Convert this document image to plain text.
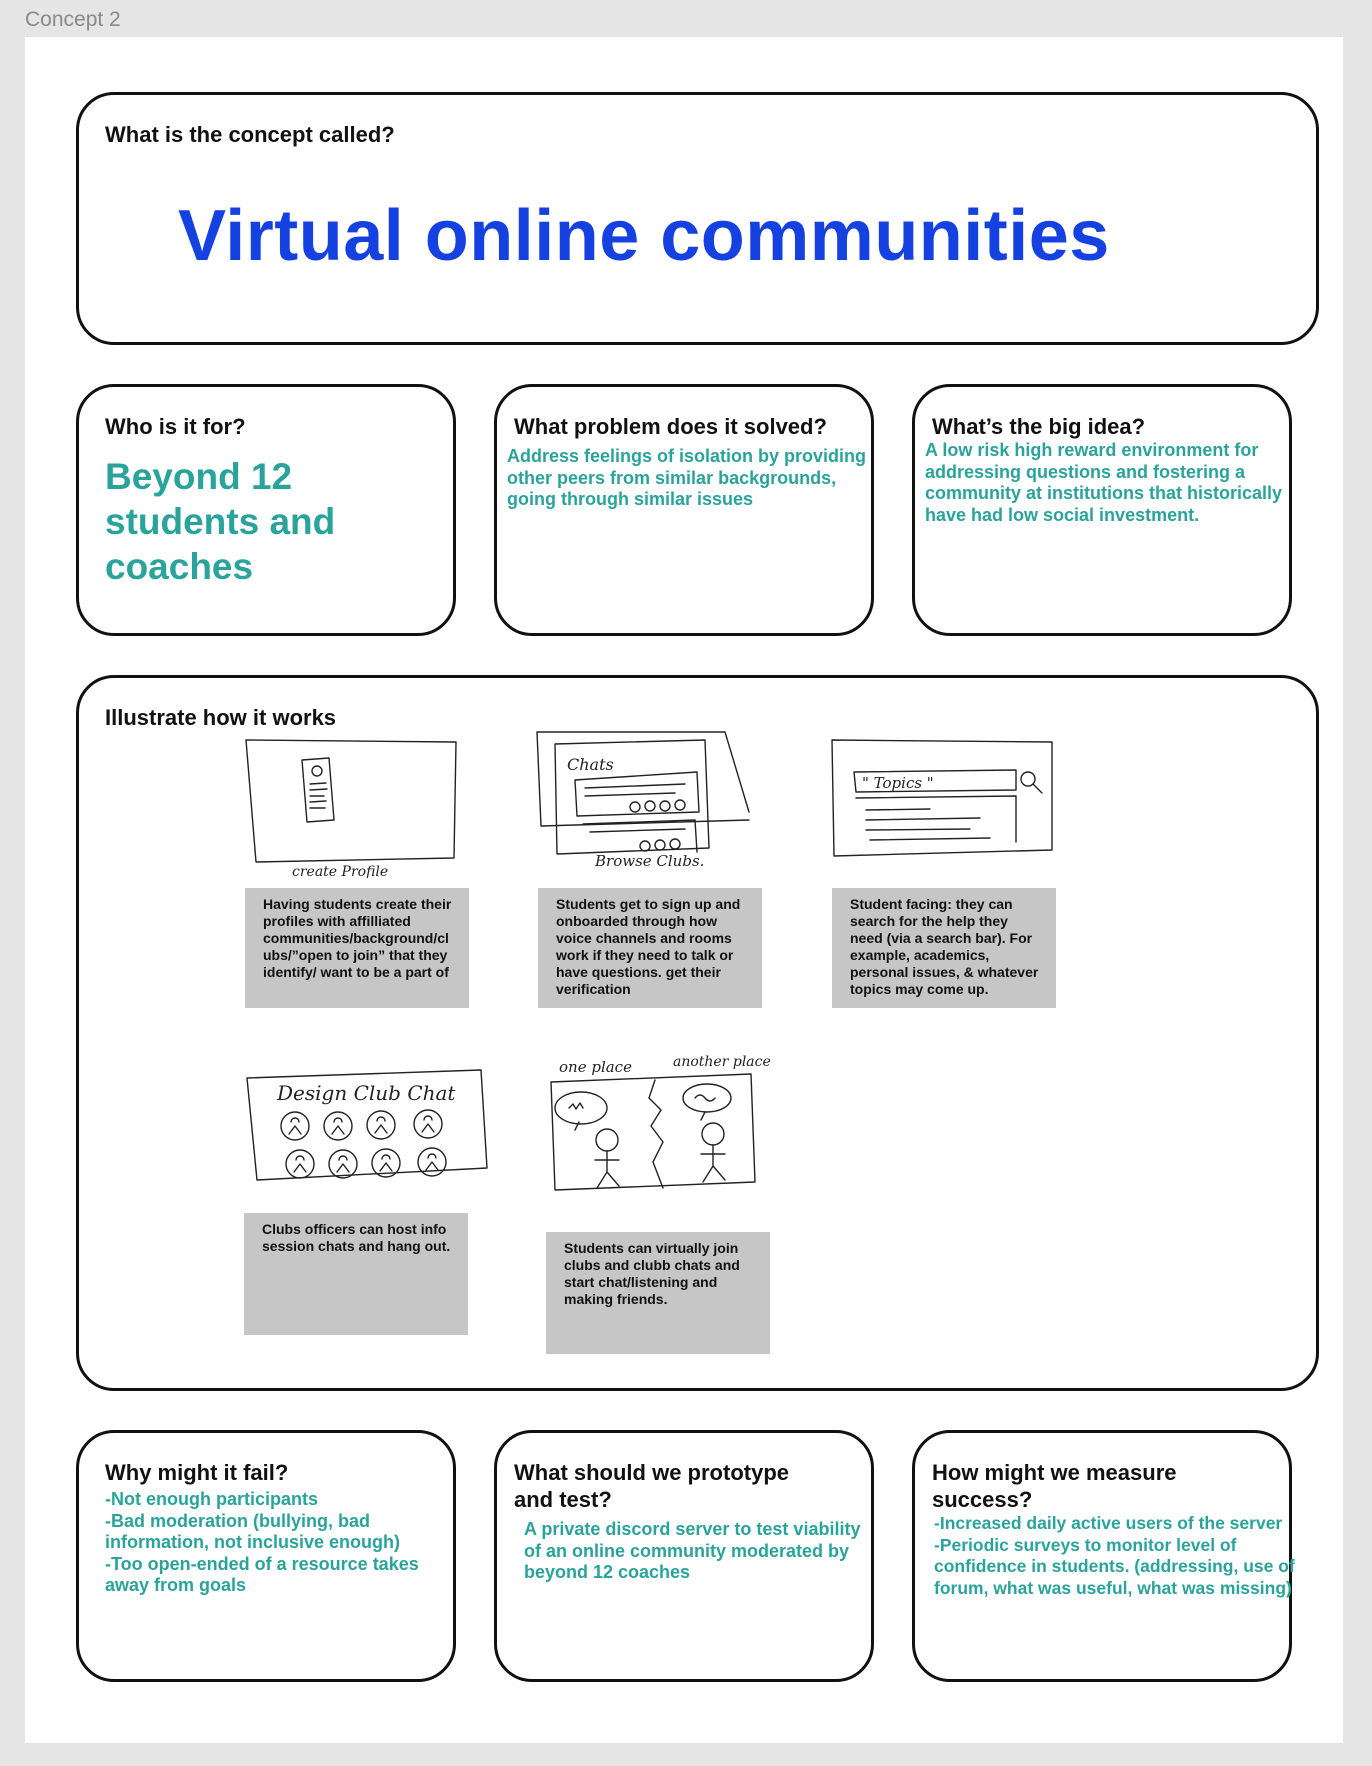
Concept 2

What is the concept called?

Virtual online communities

Who is it for?

Beyond 12
students and
coaches

What problem does it solved?

Address feelings of isolation by providing
other peers from similar backgrounds,
going through similar issues

What’s the big idea?

A low risk high reward environment for
addressing questions and fostering a
community at institutions that historically
have had low social investment.

Illustrate how it works

create Profile
Chats
Browse Clubs.
" Topics "
Having students create their
profiles with affilliated
communities/background/cl
ubs/”open to join” that they
identify/ want to be a part of
Students get to sign up and
onboarded through how
voice channels and rooms
work if they need to talk or
have questions. get their
verification
Student facing: they can
search for the help they
need (via a search bar). For
example, academics,
personal issues, & whatever
topics may come up.
Design Club Chat
one place	another place
Clubs officers can host info
session chats and hang out.	Students can virtually join
clubs and clubb chats and
start chat/listening and
making friends.

Why might it fail?

-Not enough participants
-Bad moderation (bullying, bad
information, not inclusive enough)
-Too open-ended of a resource takes
away from goals

What should we prototype
and test?

A private discord server to test viability
of an online community moderated by
beyond 12 coaches

How might we measure
success?

-Increased daily active users of the server
-Periodic surveys to monitor level of
confidence in students. (addressing, use of
forum, what was useful, what was missing)
